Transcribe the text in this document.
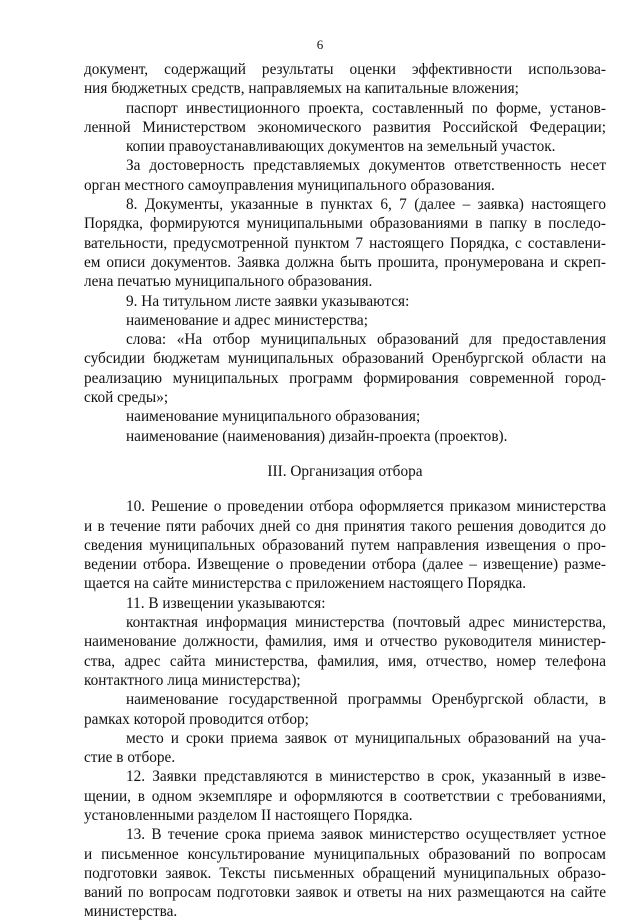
6
документ, содержащий результаты оценки эффективности использова-
ния бюджетных средств, направляемых на капитальные вложения;
паспорт инвестиционного проекта, составленный по форме, установ-
ленной Министерством экономического развития Российской Федерации;
копии правоустанавливающих документов на земельный участок.
За достоверность представляемых документов ответственность несет
орган местного самоуправления муниципального образования.
8. Документы, указанные в пунктах 6, 7 (далее – заявка) настоящего
Порядка, формируются муниципальными образованиями в папку в последо-
вательности, предусмотренной пунктом 7 настоящего Порядка, с составлени-
ем описи документов. Заявка должна быть прошита, пронумерована и скреп-
лена печатью муниципального образования.
9. На титульном листе заявки указываются:
наименование и адрес министерства;
слова: «На отбор муниципальных образований для предоставления
субсидии бюджетам муниципальных образований Оренбургской области на
реализацию муниципальных программ формирования современной город-
ской среды»;
наименование муниципального образования;
наименование (наименования) дизайн-проекта (проектов).
III. Организация отбора
10. Решение о проведении отбора оформляется приказом министерства
и в течение пяти рабочих дней со дня принятия такого решения доводится до
сведения муниципальных образований путем направления извещения о про-
ведении отбора. Извещение о проведении отбора (далее – извещение) разме-
щается на сайте министерства с приложением настоящего Порядка.
11. В извещении указываются:
контактная информация министерства (почтовый адрес министерства,
наименование должности, фамилия, имя и отчество руководителя министер-
ства, адрес сайта министерства, фамилия, имя, отчество, номер телефона
контактного лица министерства);
наименование государственной программы Оренбургской области, в
рамках которой проводится отбор;
место и сроки приема заявок от муниципальных образований на уча-
стие в отборе.
12. Заявки представляются в министерство в срок, указанный в изве-
щении, в одном экземпляре и оформляются в соответствии с требованиями,
установленными разделом II настоящего Порядка.
13. В течение срока приема заявок министерство осуществляет устное
и письменное консультирование муниципальных образований по вопросам
подготовки заявок. Тексты письменных обращений муниципальных образо-
ваний по вопросам подготовки заявок и ответы на них размещаются на сайте
министерства.
